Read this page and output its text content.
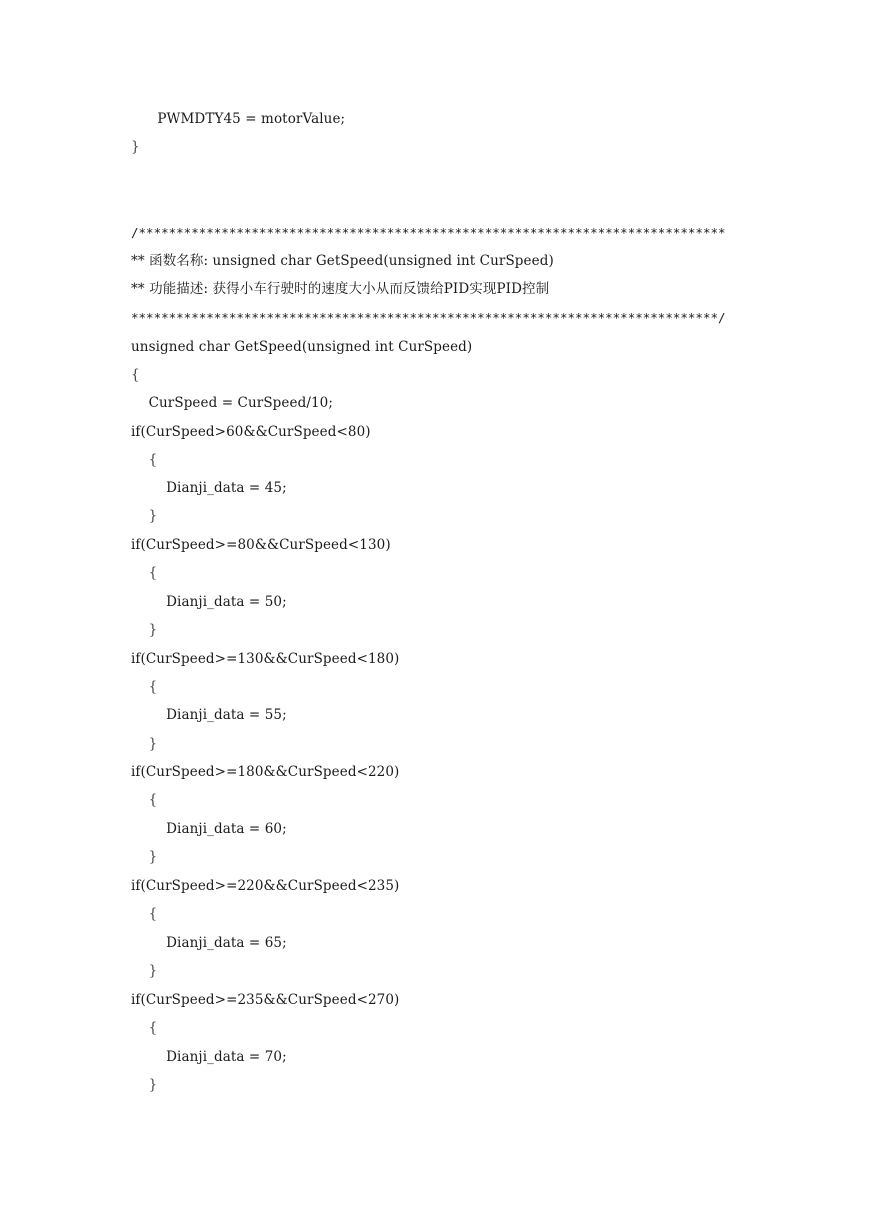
PWMDTY45 = motorValue;
}
/******************************************************************************
** 函数名称: unsigned char GetSpeed(unsigned int CurSpeed)
** 功能描述: 获得小车行驶时的速度大小从而反馈给PID实现PID控制
******************************************************************************/
unsigned char GetSpeed(unsigned int CurSpeed)
{
CurSpeed = CurSpeed/10;
if(CurSpeed>60&&CurSpeed<80)
{
Dianji_data = 45;
}
if(CurSpeed>=80&&CurSpeed<130)
{
Dianji_data = 50;
}
if(CurSpeed>=130&&CurSpeed<180)
{
Dianji_data = 55;
}
if(CurSpeed>=180&&CurSpeed<220)
{
Dianji_data = 60;
}
if(CurSpeed>=220&&CurSpeed<235)
{
Dianji_data = 65;
}
if(CurSpeed>=235&&CurSpeed<270)
{
Dianji_data = 70;
}
